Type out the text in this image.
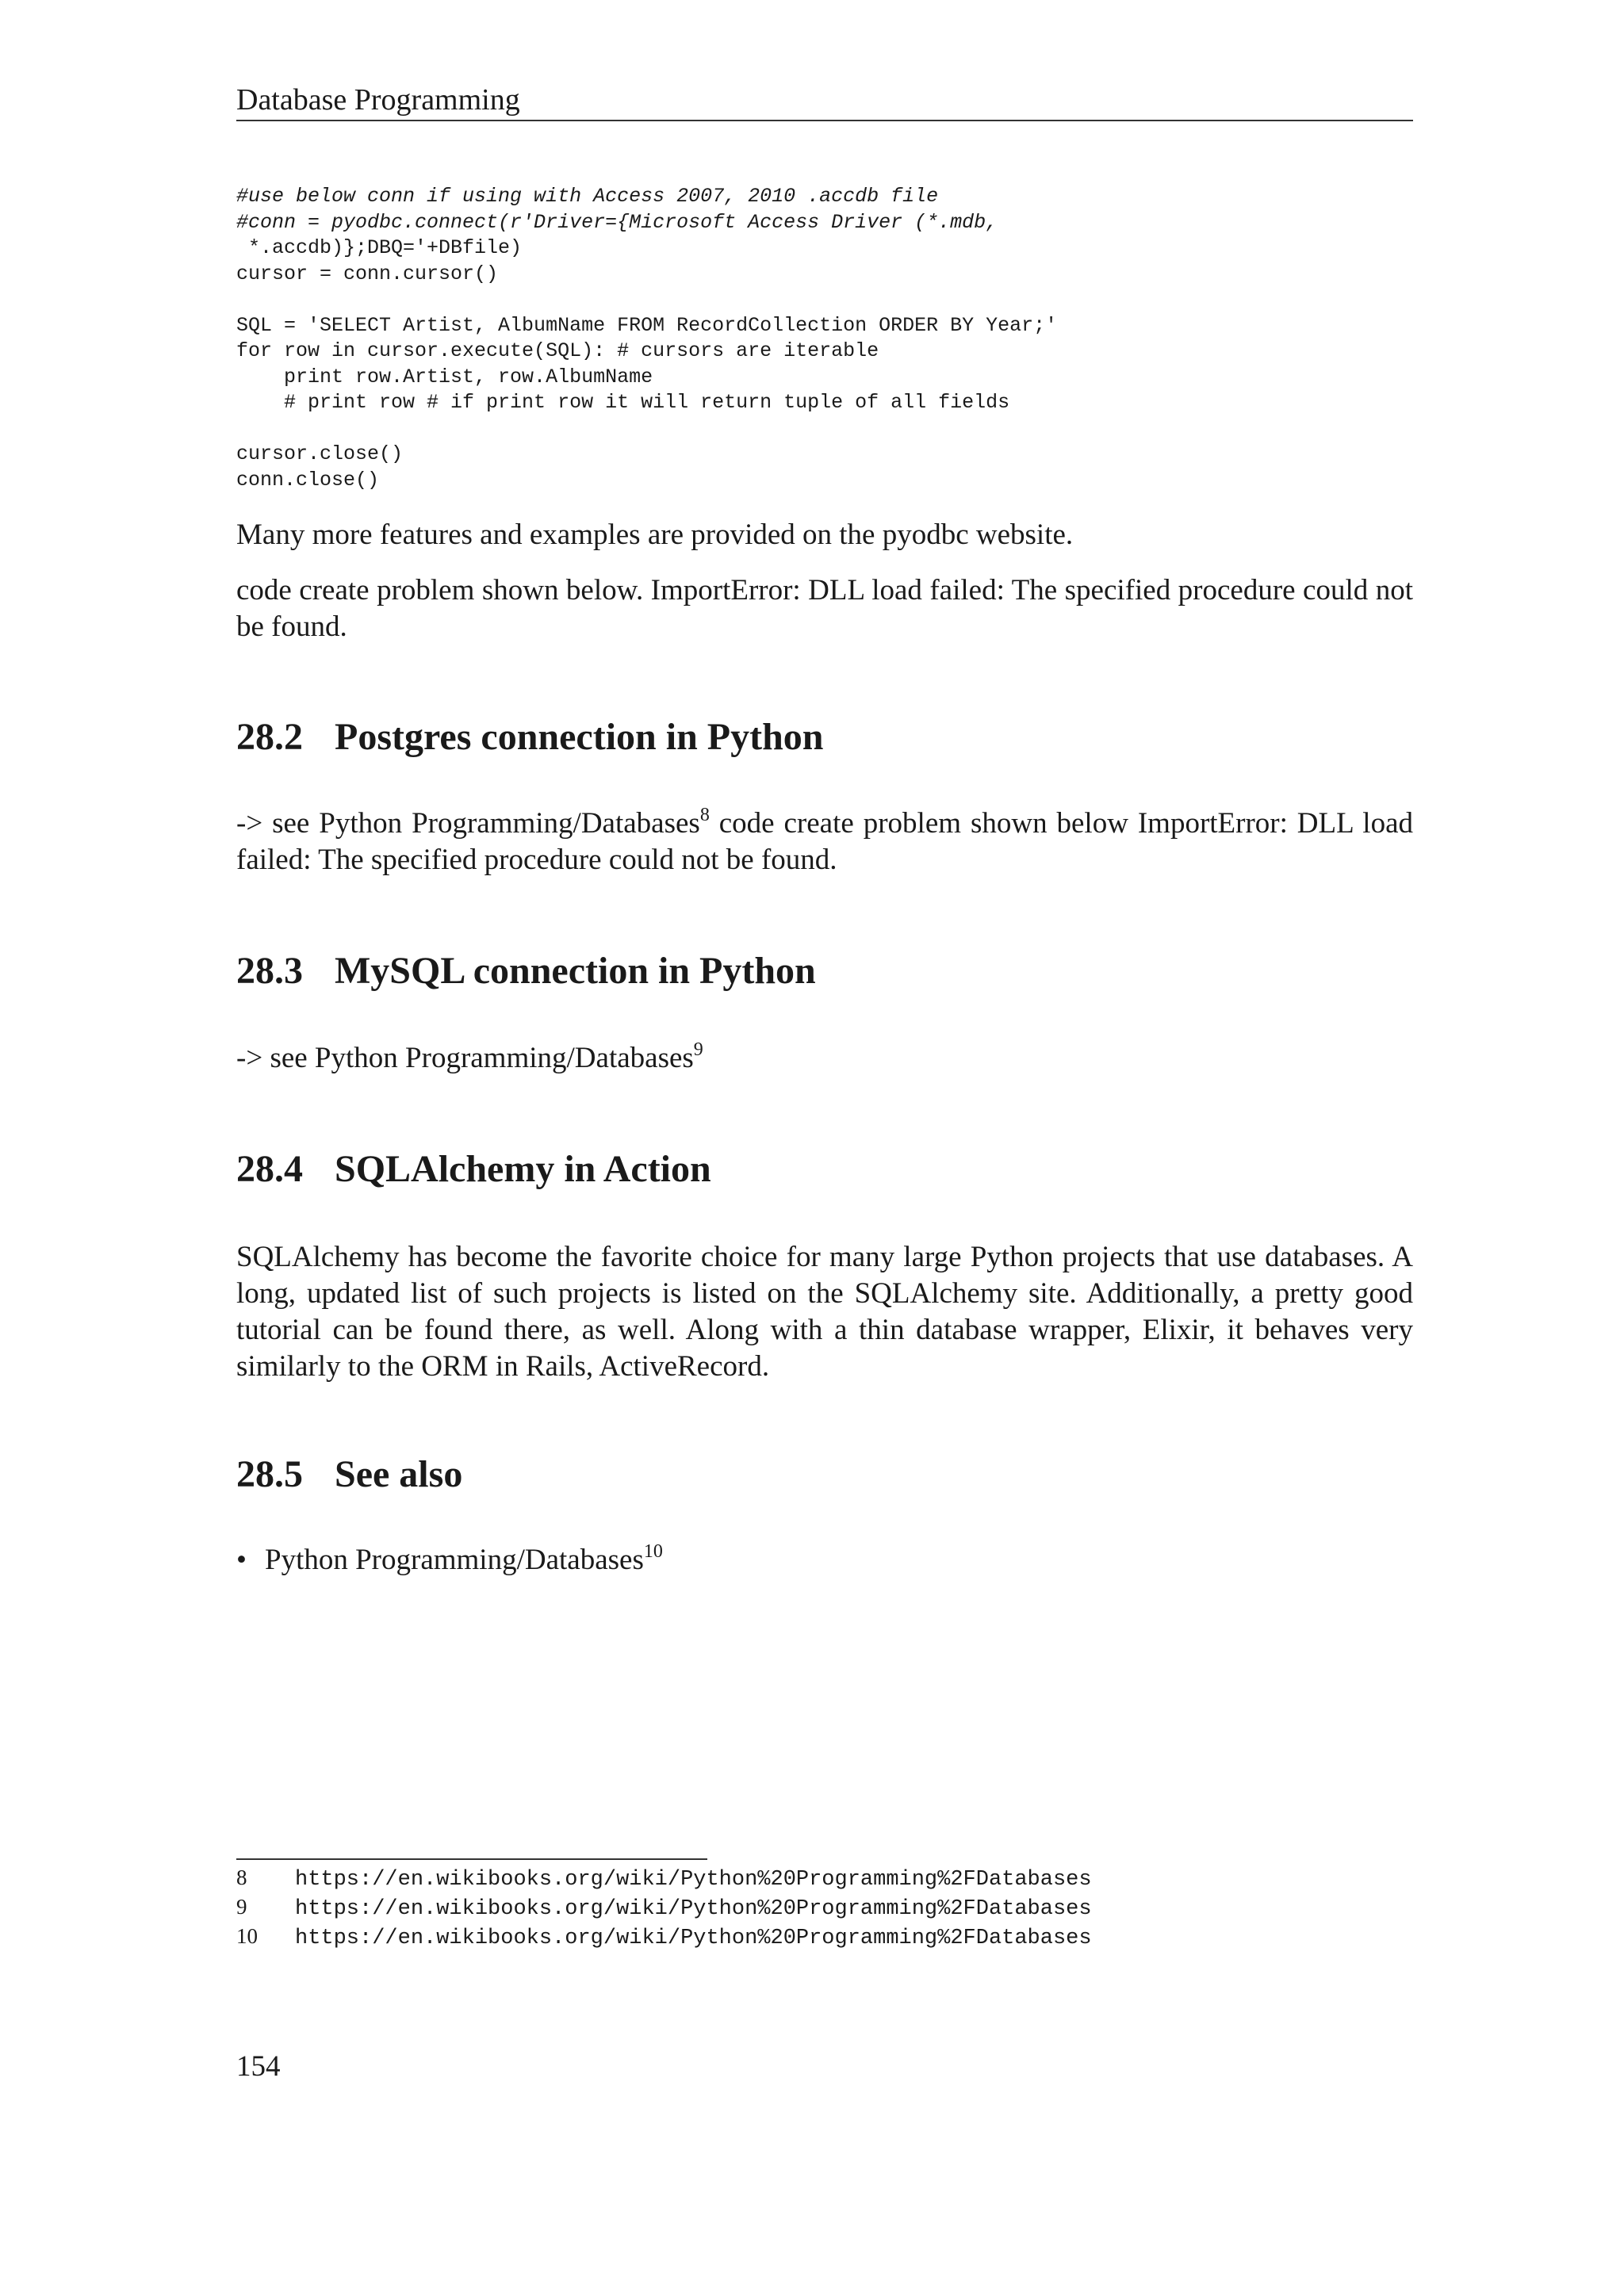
Database Programming
#use below conn if using with Access 2007, 2010 .accdb file
#conn = pyodbc.connect(r'Driver={Microsoft Access Driver (*.mdb,
*.accdb)};DBQ='+DBfile)
cursor = conn.cursor()

SQL = 'SELECT Artist, AlbumName FROM RecordCollection ORDER BY Year;'
for row in cursor.execute(SQL): # cursors are iterable
print row.Artist, row.AlbumName
# print row # if print row it will return tuple of all fields

cursor.close()
conn.close()

Many more features and examples are provided on the pyodbc website.

code create problem shown below. ImportError: DLL load failed: The specified procedure could not be found.

28.2 Postgres connection in Python

-> see Python Programming/Databases$^8$ code create problem shown below ImportError: DLL load failed: The specified procedure could not be found.

28.3 MySQL connection in Python

-> see Python Programming/Databases$^9$

28.4 SQLAlchemy in Action

SQLAlchemy has become the favorite choice for many large Python projects that use databases. A long, updated list of such projects is listed on the SQLAlchemy site. Additionally, a pretty good tutorial can be found there, as well. Along with a thin database wrapper, Elixir, it behaves very similarly to the ORM in Rails, ActiveRecord.

28.5 See also
• Python Programming/Databases$^{10}$
8 https://en.wikibooks.org/wiki/Python%20Programming%2FDatabases
9 https://en.wikibooks.org/wiki/Python%20Programming%2FDatabases
10 https://en.wikibooks.org/wiki/Python%20Programming%2FDatabases
154
